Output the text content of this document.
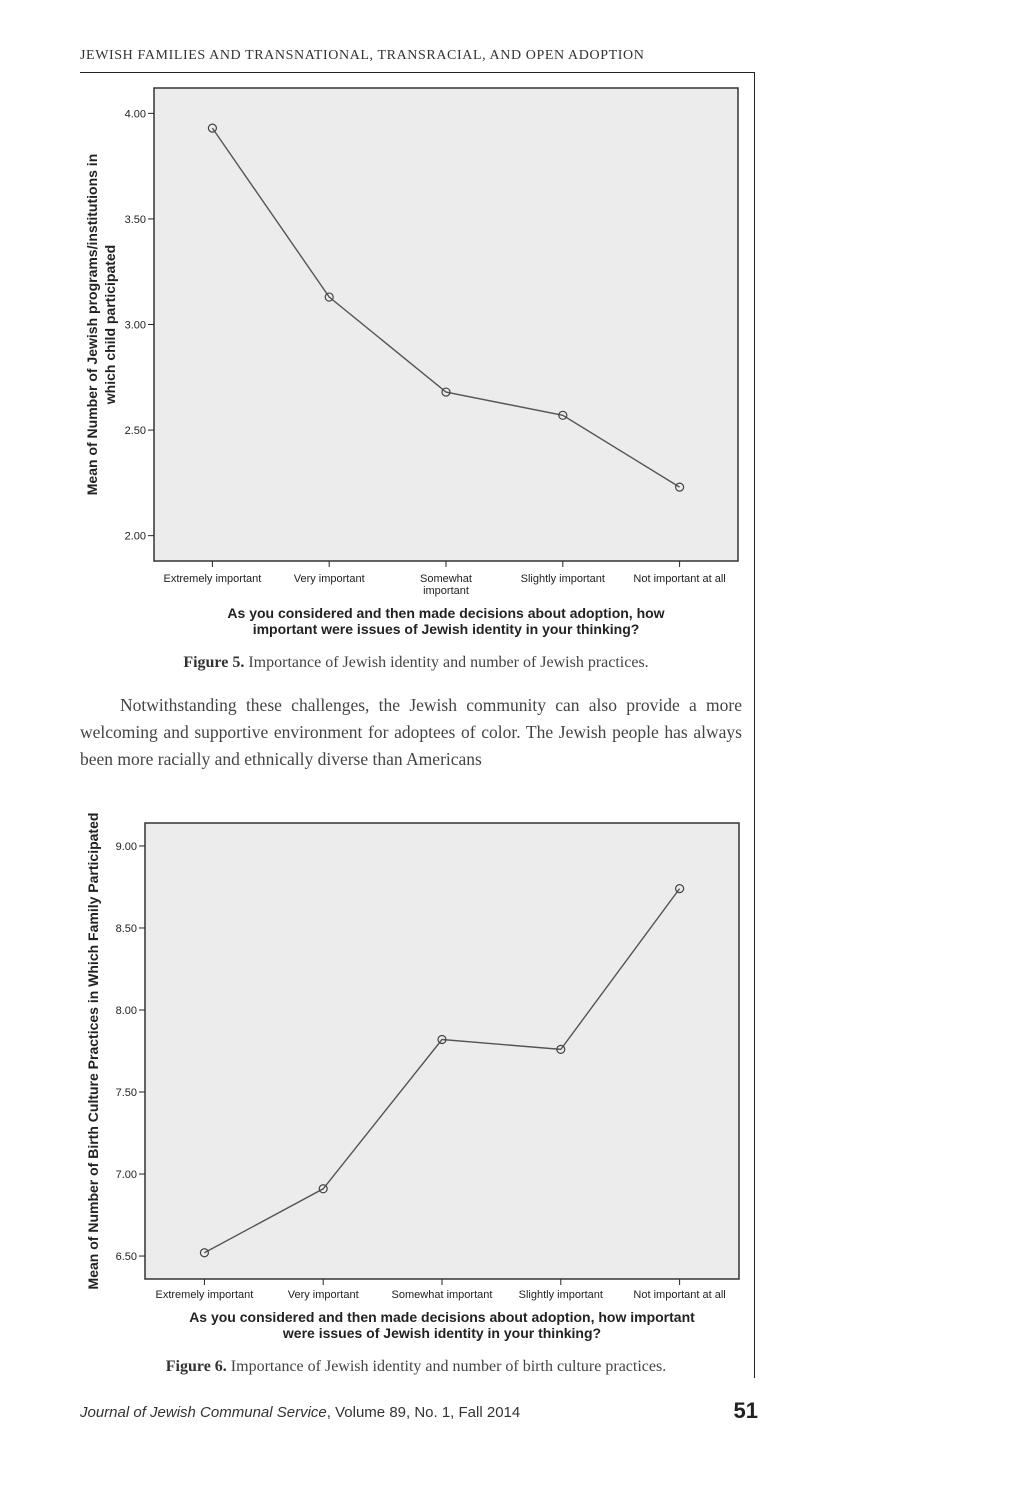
JEWISH FAMILIES AND TRANSNATIONAL, TRANSRACIAL, AND OPEN ADOPTION
2.00
2.50
3.00
3.50
4.00
Extremely important	Very important	Somewhat
important
Slightly important	Not important at all
Mean of Number of Jewish programs/institutions in which child participated
As you considered and then made decisions about adoption, how
important were issues of Jewish identity in your thinking?
Figure 5. Importance of Jewish identity and number of Jewish practices.

Notwithstanding these challenges, the Jewish community can also provide a more welcoming and supportive environment for adoptees of color. The Jewish people has always been more racially and ethnically diverse than Americans

6.50
7.00
7.50
8.00
8.50
9.00
Extremely important	Very important	Somewhat important Slightly important	Not important at all
Mean of Number of Birth Culture Practices in Which Family Participated
As you considered and then made decisions about adoption, how important
were issues of Jewish identity in your thinking?
Figure 6. Importance of Jewish identity and number of birth culture practices.
Journal of Jewish Communal Service, Volume 89, No. 1, Fall 2014	51
